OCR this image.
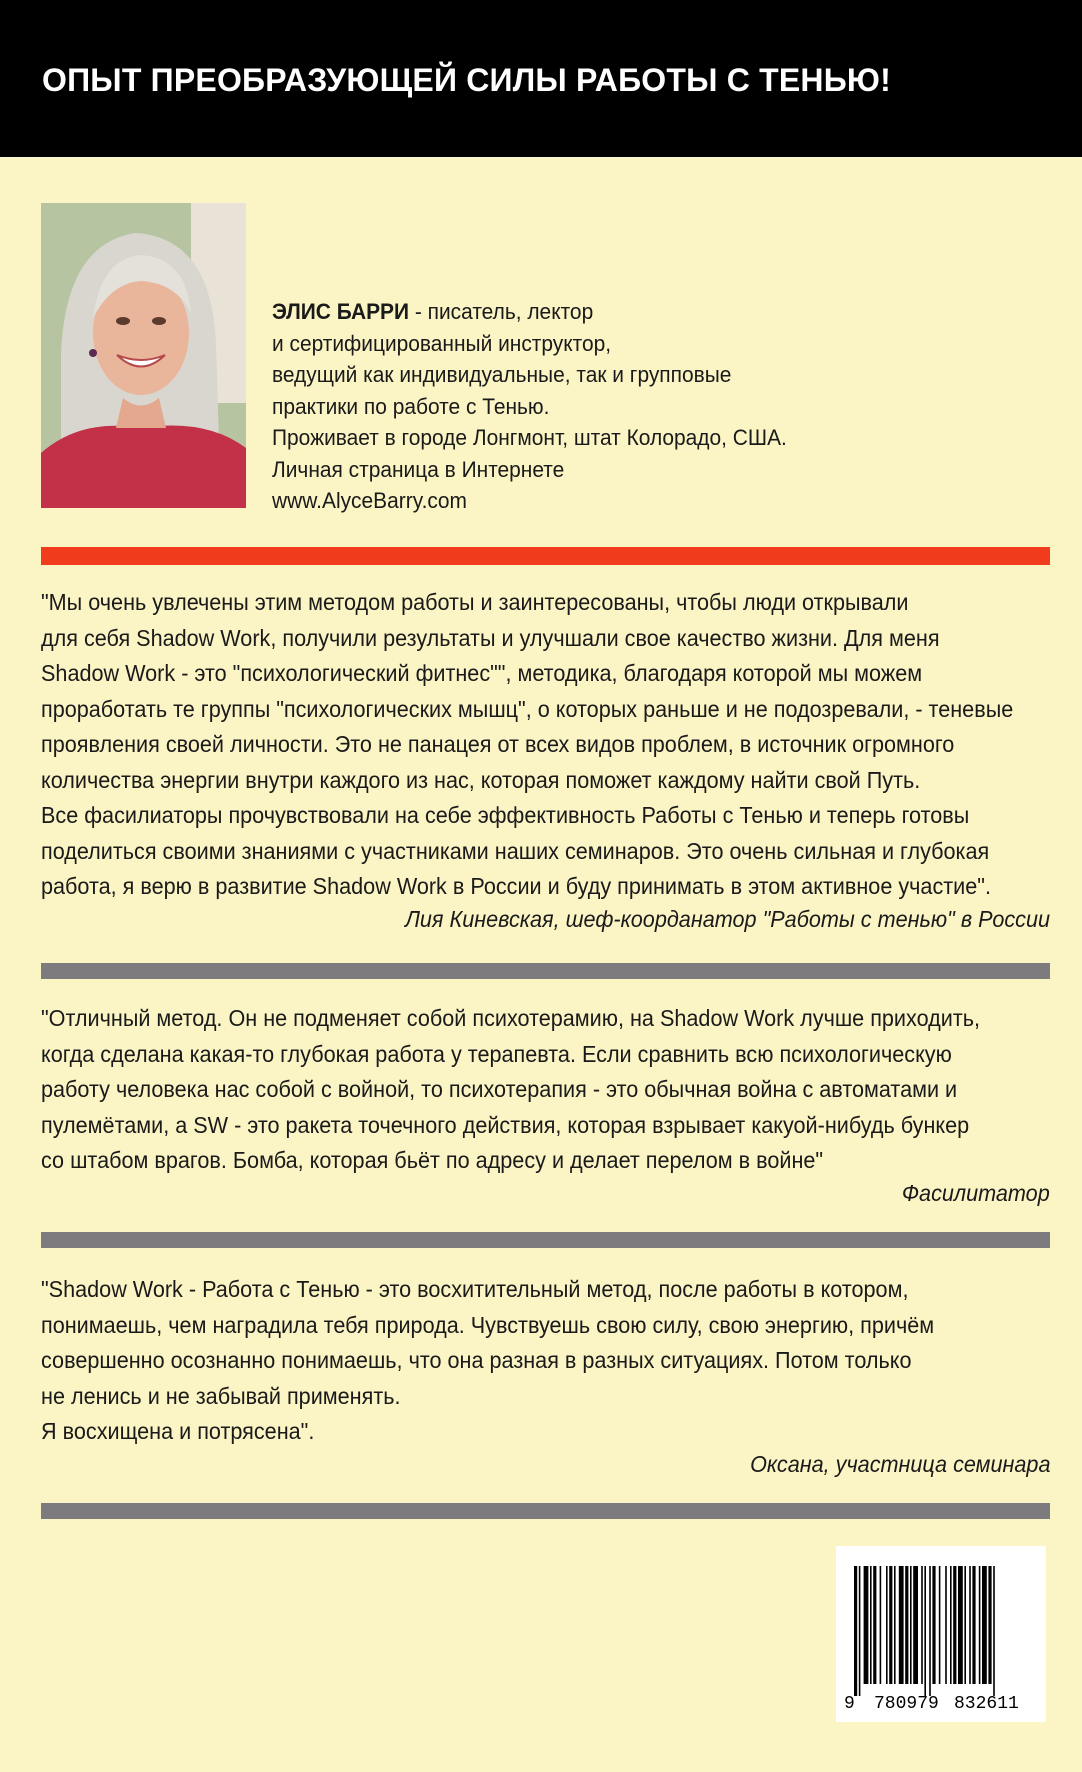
ОПЫТ ПРЕОБРАЗУЮЩЕЙ СИЛЫ РАБОТЫ С ТЕНЬЮ!
ЭЛИС БАРРИ - писатель, лектор
и сертифицированный инструктор,
ведущий как индивидуальные, так и групповые
практики по работе с Тенью.
Проживает в городе Лонгмонт, штат Колорадо, США.
Личная страница в Интернете
www.AlyceBarry.com
"Мы очень увлечены этим методом работы и заинтересованы, чтобы люди открывали
для себя Shadow Work, получили результаты и улучшали свое качество жизни. Для меня
Shadow Work - это "психологический фитнес"", методика, благодаря которой мы можем
проработать те группы "психологических мышц", о которых раньше и не подозревали, - теневые
проявления своей личности. Это не панацея от всех видов проблем, в источник огромного
количества энергии внутри каждого из нас, которая поможет каждому найти свой Путь.
Все фасилиаторы прочувствовали на себе эффективность Работы с Тенью и теперь готовы
поделиться своими знаниями с участниками наших семинаров. Это очень сильная и глубокая
работа, я верю в развитие Shadow Work в России и буду принимать в этом активное участие".
Лия Киневская, шеф-коорданатор "Работы с тенью" в России
"Отличный метод. Он не подменяет собой психотерамию, на Shadow Work лучше приходить,
когда сделана какая-то глубокая работа у терапевта. Если сравнить всю психологическую
работу человека нас собой с войной, то психотерапия - это обычная война с автоматами и
пулемётами, а SW - это ракета точечного действия, которая взрывает какуой-нибудь бункер
со штабом врагов. Бомба, которая бьёт по адресу и делает перелом в войне"
Фасилитатор
"Shadow Work - Работа с Тенью - это восхитительный метод, после работы в котором,
понимаешь, чем наградила тебя природа. Чувствуешь свою силу, свою энергию, причём
совершенно осознанно понимаешь, что она разная в разных ситуациях. Потом только
не ленись и не забывай применять.
Я восхищена и потрясена".
Оксана, участница семинара
9 780979 832611
